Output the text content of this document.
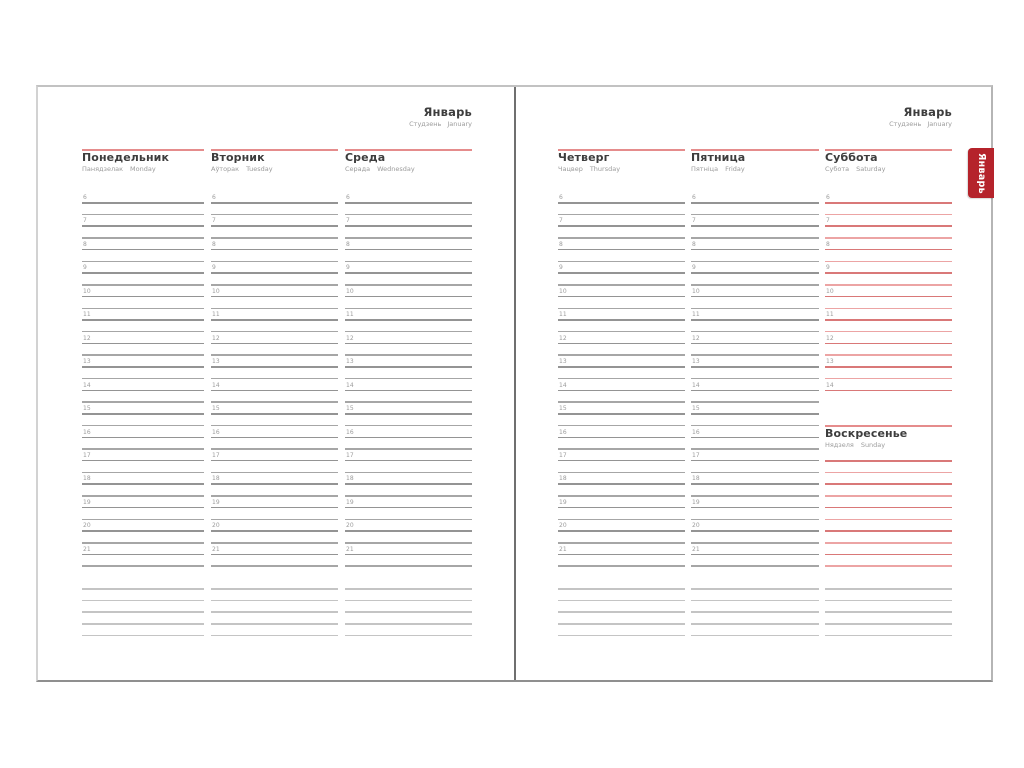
Январь
Студзень January
Январь
Студзень January
Понедельник
Панядзелак Monday
6
7
8
9
10
11
12
13
14
15
16
17
18
19
20
21
Вторник
Аўторак Tuesday
6
7
8
9
10
11
12
13
14
15
16
17
18
19
20
21
Среда
Серада Wednesday
6
7
8
9
10
11
12
13
14
15
16
17
18
19
20
21
Четверг
Чацвер Thursday
6
7
8
9
10
11
12
13
14
15
16
17
18
19
20
21
Пятница
Пятніца Friday
6
7
8
9
10
11
12
13
14
15
16
17
18
19
20
21
Суббота
Субота Saturday
6
7
8
9
10
11
12
13
14
Воскресенье
Нядзеля Sunday
Январь
